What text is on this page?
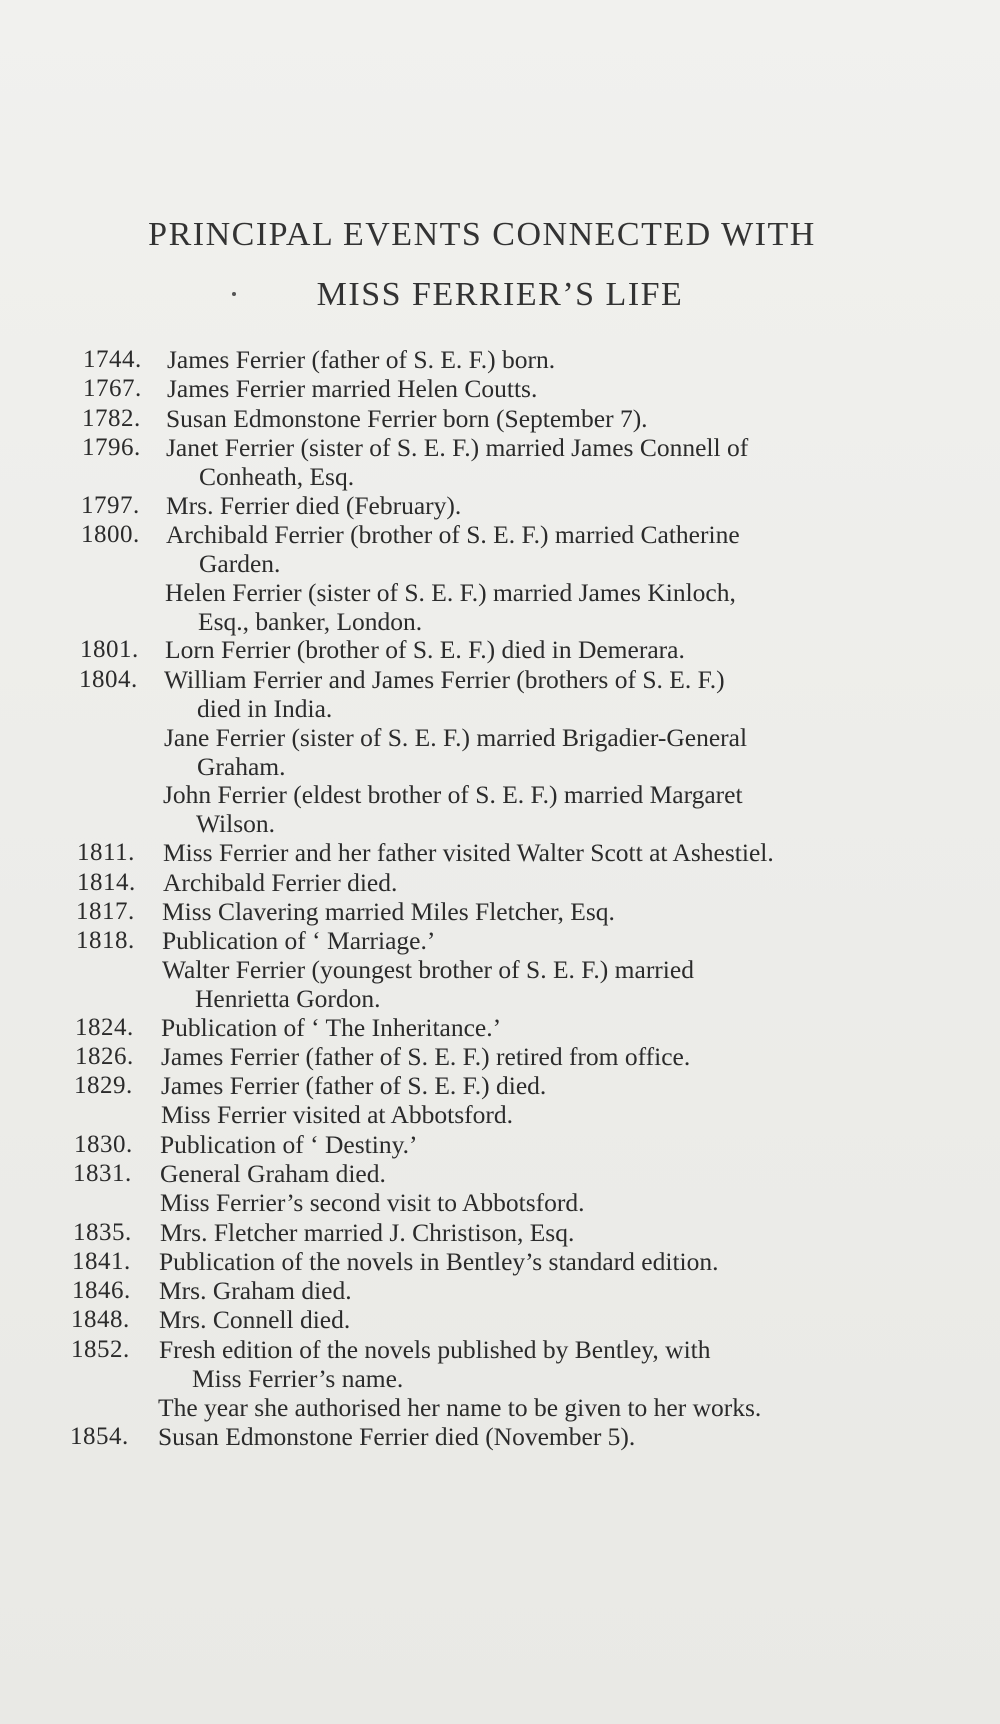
PRINCIPAL EVENTS CONNECTED WITH
MISS FERRIER’S LIFE
1744. James Ferrier (father of S. E. F.) born.
1767. James Ferrier married Helen Coutts.
1782. Susan Edmonstone Ferrier born (September 7).
1796. Janet Ferrier (sister of S. E. F.) married James Connell of
Conheath, Esq.
1797. Mrs. Ferrier died (February).
1800. Archibald Ferrier (brother of S. E. F.) married Catherine
Garden.
Helen Ferrier (sister of S. E. F.) married James Kinloch,
Esq., banker, London.
1801. Lorn Ferrier (brother of S. E. F.) died in Demerara.
1804. William Ferrier and James Ferrier (brothers of S. E. F.)
died in India.
Jane Ferrier (sister of S. E. F.) married Brigadier-General
Graham.
John Ferrier (eldest brother of S. E. F.) married Margaret
Wilson.
1811. Miss Ferrier and her father visited Walter Scott at Ashestiel.
1814. Archibald Ferrier died.
1817. Miss Clavering married Miles Fletcher, Esq.
1818. Publication of ‘ Marriage.’
Walter Ferrier (youngest brother of S. E. F.) married
Henrietta Gordon.
1824. Publication of ‘ The Inheritance.’
1826. James Ferrier (father of S. E. F.) retired from office.
1829. James Ferrier (father of S. E. F.) died.
Miss Ferrier visited at Abbotsford.
1830. Publication of ‘ Destiny.’
1831. General Graham died.
Miss Ferrier’s second visit to Abbotsford.
1835. Mrs. Fletcher married J. Christison, Esq.
1841. Publication of the novels in Bentley’s standard edition.
1846. Mrs. Graham died.
1848. Mrs. Connell died.
1852. Fresh edition of the novels published by Bentley, with
Miss Ferrier’s name.
The year she authorised her name to be given to her works.
1854. Susan Edmonstone Ferrier died (November 5).
